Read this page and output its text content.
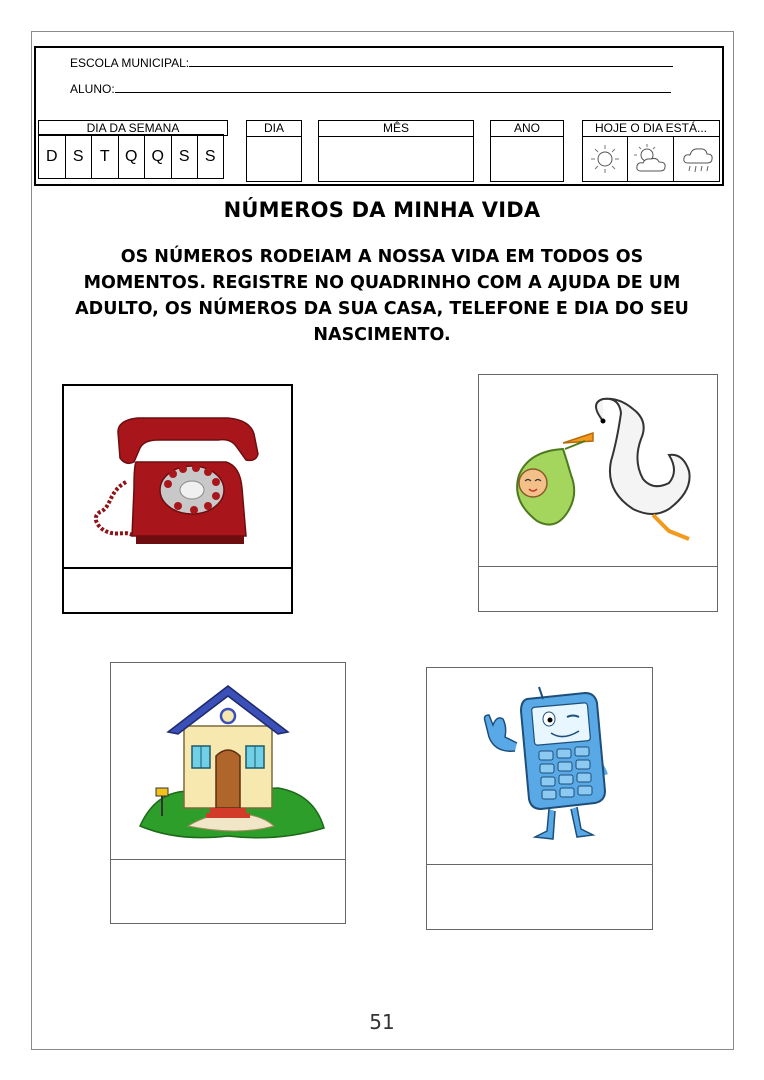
ESCOLA MUNICIPAL:
ALUNO:
DIA DA SEMANA
D S	T Q Q S S
DIA	MÊS	ANO	HOJE O DIA ESTÁ...
NÚMEROS DA MINHA VIDA
OS NÚMEROS RODEIAM A NOSSA VIDA EM TODOS OS MOMENTOS. REGISTRE NO QUADRINHO COM A AJUDA DE UM ADULTO, OS NÚMEROS DA SUA CASA, TELEFONE E DIA DO SEU NASCIMENTO.
51
